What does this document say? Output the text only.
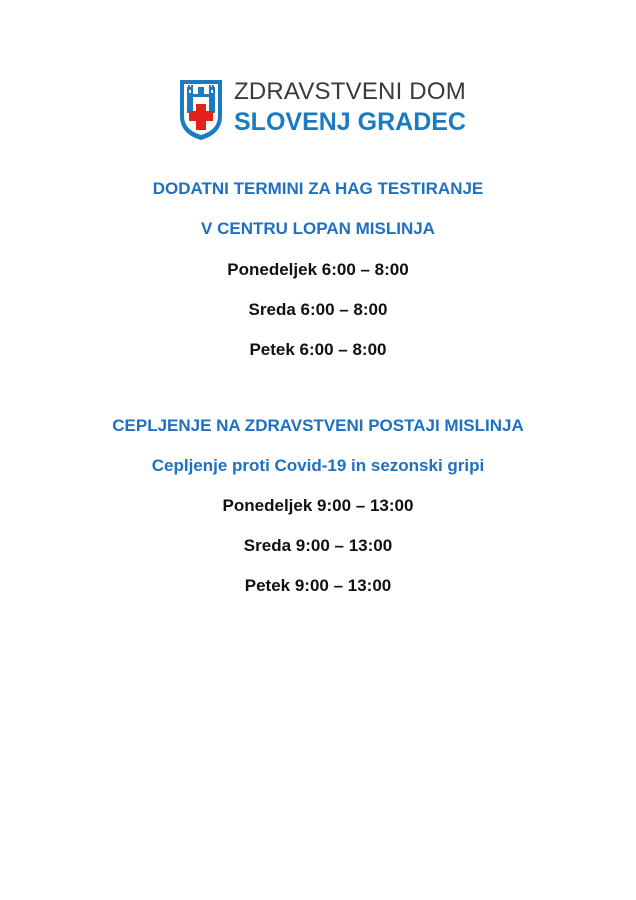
ZDRAVSTVENI DOM
SLOVENJ GRADEC
DODATNI TERMINI ZA HAG TESTIRANJE
V CENTRU LOPAN MISLINJA
Ponedeljek 6:00 – 8:00
Sreda 6:00 – 8:00
Petek 6:00 – 8:00
CEPLJENJE NA ZDRAVSTVENI POSTAJI MISLINJA
Cepljenje proti Covid-19 in sezonski gripi
Ponedeljek 9:00 – 13:00
Sreda 9:00 – 13:00
Petek 9:00 – 13:00
